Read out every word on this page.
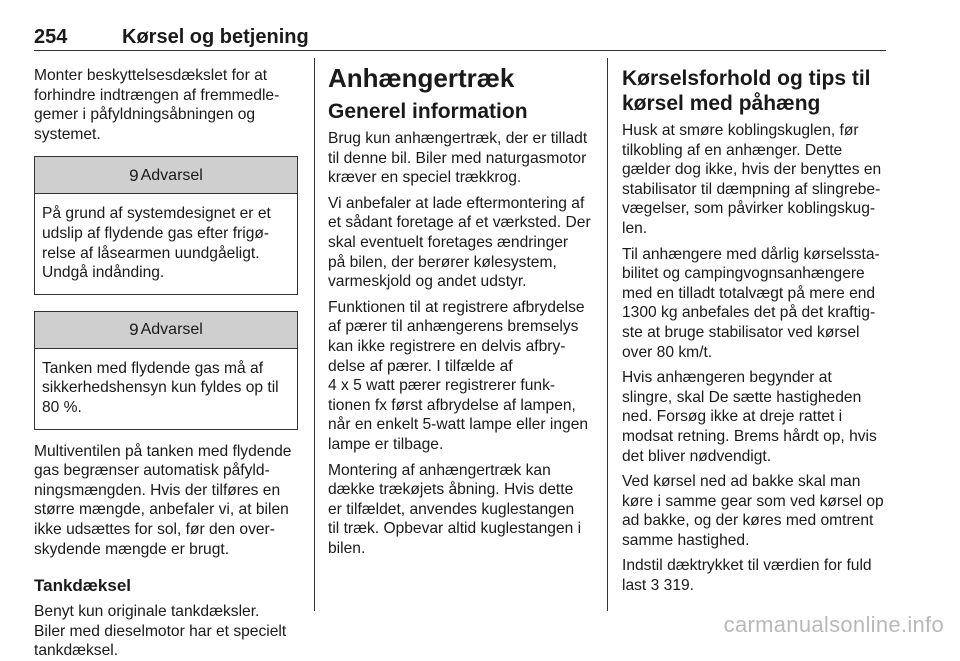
254	Kørsel og betjening

Monter beskyttelsesdækslet for at
forhindre indtrængen af fremmedle-
gemer i påfyldningsåbningen og
systemet.

9 Advarsel
På grund af systemdesignet er et
udslip af flydende gas efter frigø-
relse af låsearmen uundgåeligt.
Undgå indånding.
9 Advarsel
Tanken med flydende gas må af
sikkerhedshensyn kun fyldes op til
80 %.

Multiventilen på tanken med flydende
gas begrænser automatisk påfyld-
ningsmængden. Hvis der tilføres en
større mængde, anbefaler vi, at bilen
ikke udsættes for sol, før den over-
skydende mængde er brugt.

Tankdæksel

Benyt kun originale tankdæksler.
Biler med dieselmotor har et specielt
tankdæksel.

Anhængertræk
Generel information

Brug kun anhængertræk, der er tilladt
til denne bil. Biler med naturgasmotor
kræver en speciel trækkrog.

Vi anbefaler at lade eftermontering af
et sådant foretage af et værksted. Der
skal eventuelt foretages ændringer
på bilen, der berører kølesystem,
varmeskjold og andet udstyr.

Funktionen til at registrere afbrydelse
af pærer til anhængerens bremselys
kan ikke registrere en delvis afbry-
delse af pærer. I tilfælde af
4 x 5 watt pærer registrerer funk-
tionen fx først afbrydelse af lampen,
når en enkelt 5-watt lampe eller ingen
lampe er tilbage.

Montering af anhængertræk kan
dække trækøjets åbning. Hvis dette
er tilfældet, anvendes kuglestangen
til træk. Opbevar altid kuglestangen i
bilen.

Kørselsforhold og tips til
kørsel med påhæng

Husk at smøre koblingskuglen, før
tilkobling af en anhænger. Dette
gælder dog ikke, hvis der benyttes en
stabilisator til dæmpning af slingrebe-
vægelser, som påvirker koblingskug-
len.

Til anhængere med dårlig kørselssta-
bilitet og campingvognsanhængere
med en tilladt totalvægt på mere end
1300 kg anbefales det på det kraftig-
ste at bruge stabilisator ved kørsel
over 80 km/t.

Hvis anhængeren begynder at
slingre, skal De sætte hastigheden
ned. Forsøg ikke at dreje rattet i
modsat retning. Brems hårdt op, hvis
det bliver nødvendigt.

Ved kørsel ned ad bakke skal man
køre i samme gear som ved kørsel op
ad bakke, og der køres med omtrent
samme hastighed.

Indstil dæktrykket til værdien for fuld
last 3 319.

carmanualsonline.info
